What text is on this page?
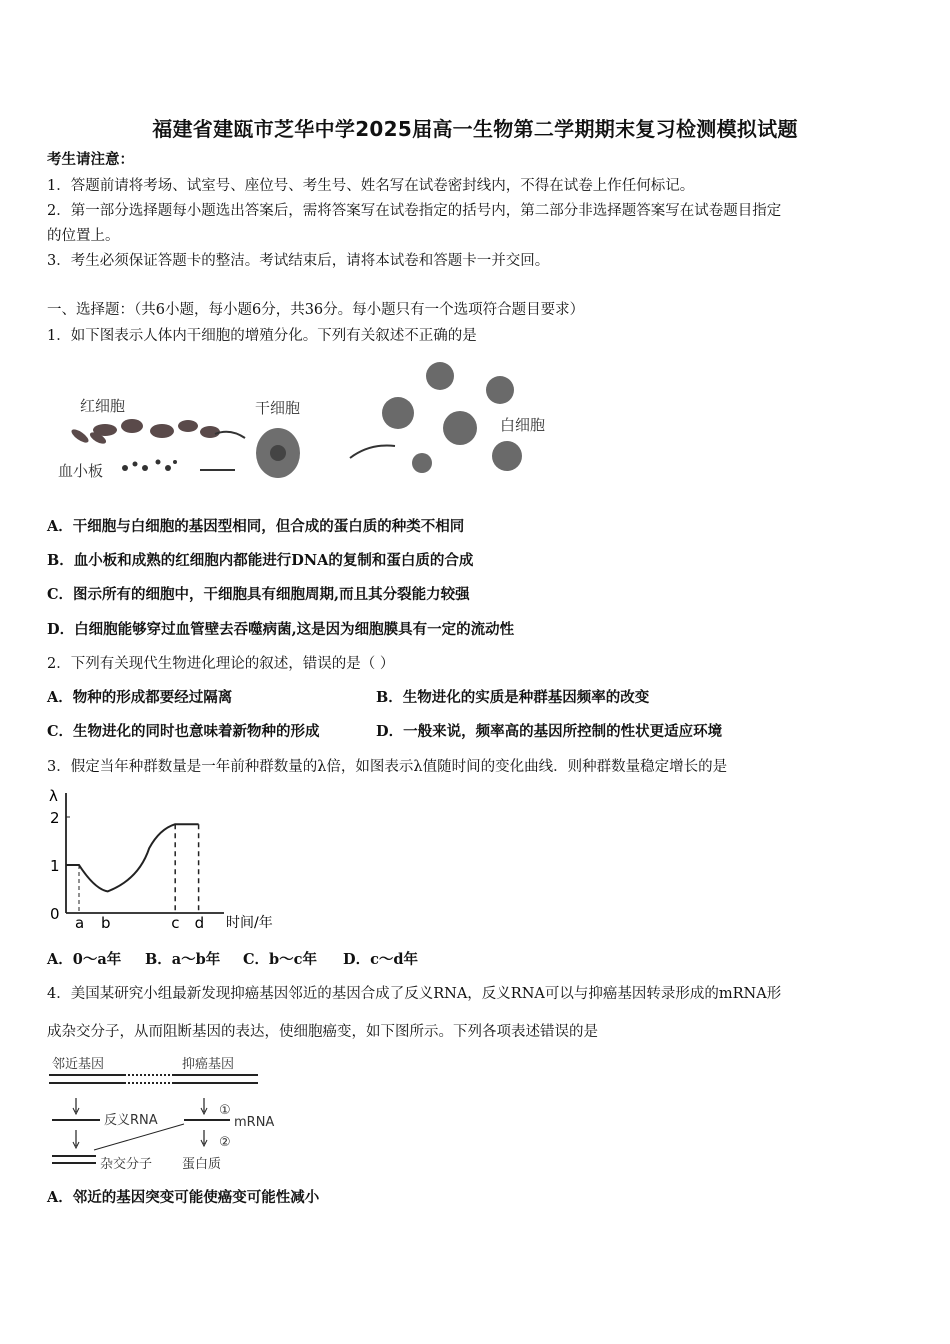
福建省建瓯市芝华中学2025届高一生物第二学期期末复习检测模拟试题
考生请注意：
1．答题前请将考场、试室号、座位号、考生号、姓名写在试卷密封线内，不得在试卷上作任何标记。
2．第一部分选择题每小题选出答案后，需将答案写在试卷指定的括号内，第二部分非选择题答案写在试卷题目指定
的位置上。
3．考生必须保证答题卡的整洁。考试结束后，请将本试卷和答题卡一并交回。
一、选择题：（共6小题，每小题6分，共36分。每小题只有一个选项符合题目要求）
1．如下图表示人体内干细胞的增殖分化。下列有关叙述不正确的是
红细胞	干细胞
血小板
白细胞
A．干细胞与白细胞的基因型相同，但合成的蛋白质的种类不相同
B．血小板和成熟的红细胞内都能进行DNA的复制和蛋白质的合成
C．图示所有的细胞中，干细胞具有细胞周期,而且其分裂能力较强
D．白细胞能够穿过血管壁去吞噬病菌,这是因为细胞膜具有一定的流动性
2．下列有关现代生物进化理论的叙述，错误的是（ ）
A．物种的形成都要经过隔离	B．生物进化的实质是种群基因频率的改变
C．生物进化的同时也意味着新物种的形成	D．一般来说，频率高的基因所控制的性状更适应环境
3．假定当年种群数量是一年前种群数量的λ倍，如图表示λ值随时间的变化曲线．则种群数量稳定增长的是
λ
时间/年
0
1
2
a b	c d
A．0～a年 B．a～b年 C．b～c年 D．c～d年
4．美国某研究小组最新发现抑癌基因邻近的基因合成了反义RNA，反义RNA可以与抑癌基因转录形成的mRNA形
成杂交分子，从而阻断基因的表达，使细胞癌变，如下图所示。下列各项表述错误的是
邻近基因	抑癌基因
反义RNA
①
mRNA
②
杂交分子 蛋白质
A．邻近的基因突变可能使癌变可能性减小
